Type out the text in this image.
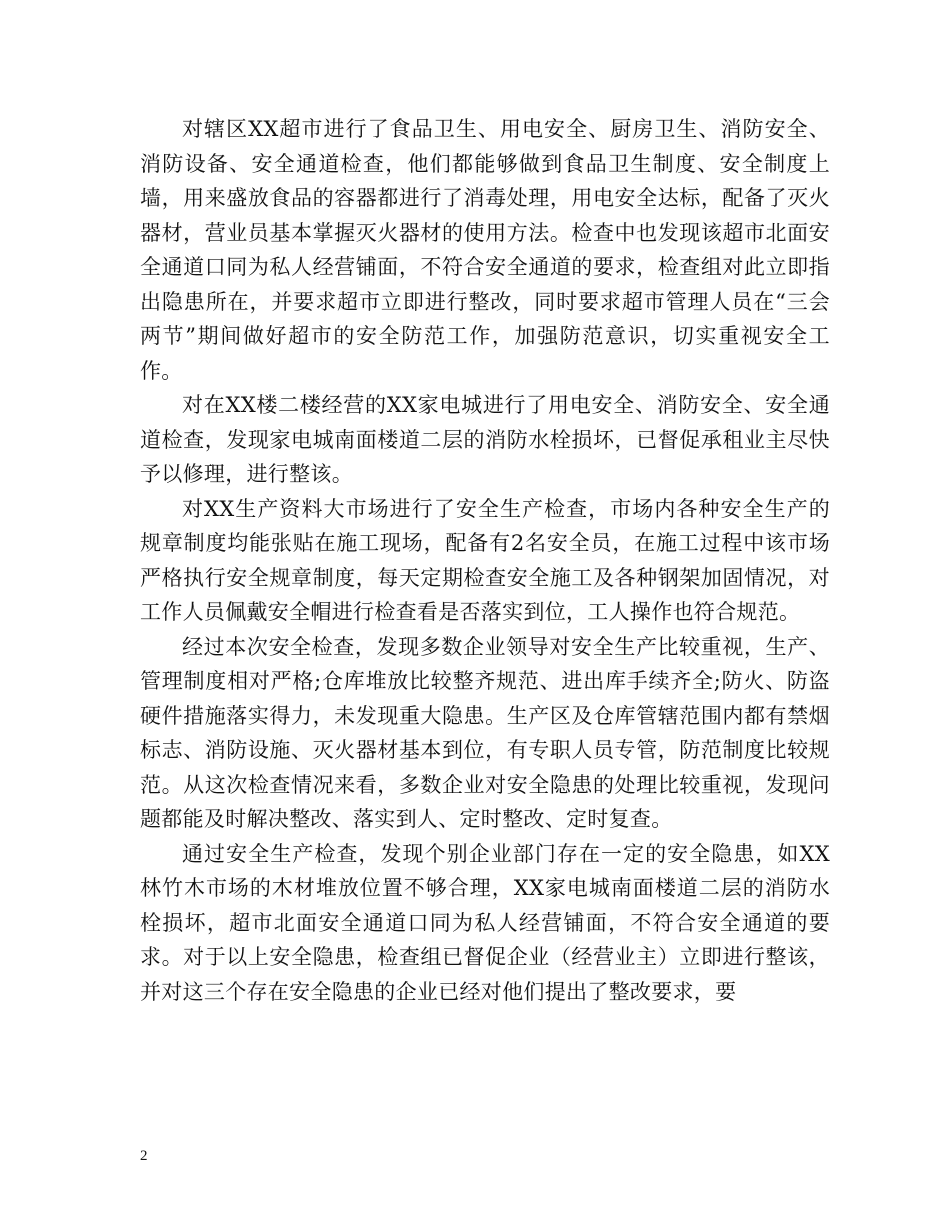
对辖区XX超市进行了食品卫生、用电安全、厨房卫生、消防安全、消防设备、安全通道检查，他们都能够做到食品卫生制度、安全制度上墙，用来盛放食品的容器都进行了消毒处理，用电安全达标，配备了灭火器材，营业员基本掌握灭火器材的使用方法。检查中也发现该超市北面安全通道口同为私人经营铺面，不符合安全通道的要求，检查组对此立即指出隐患所在，并要求超市立即进行整改，同时要求超市管理人员在“三会两节”期间做好超市的安全防范工作，加强防范意识，切实重视安全工作。

对在XX楼二楼经营的XX家电城进行了用电安全、消防安全、安全通道检查，发现家电城南面楼道二层的消防水栓损坏，已督促承租业主尽快予以修理，进行整该。

对XX生产资料大市场进行了安全生产检查，市场内各种安全生产的规章制度均能张贴在施工现场，配备有2名安全员，在施工过程中该市场严格执行安全规章制度，每天定期检查安全施工及各种钢架加固情况，对工作人员佩戴安全帽进行检查看是否落实到位，工人操作也符合规范。

经过本次安全检查，发现多数企业领导对安全生产比较重视，生产、管理制度相对严格;仓库堆放比较整齐规范、进出库手续齐全;防火、防盗硬件措施落实得力，未发现重大隐患。生产区及仓库管辖范围内都有禁烟标志、消防设施、灭火器材基本到位，有专职人员专管，防范制度比较规范。从这次检查情况来看，多数企业对安全隐患的处理比较重视，发现问题都能及时解决整改、落实到人、定时整改、定时复查。

通过安全生产检查，发现个别企业部门存在一定的安全隐患，如XX林竹木市场的木材堆放位置不够合理，XX家电城南面楼道二层的消防水栓损坏，超市北面安全通道口同为私人经营铺面，不符合安全通道的要求。对于以上安全隐患，检查组已督促企业（经营业主）立即进行整该，并对这三个存在安全隐患的企业已经对他们提出了整改要求，要

2
